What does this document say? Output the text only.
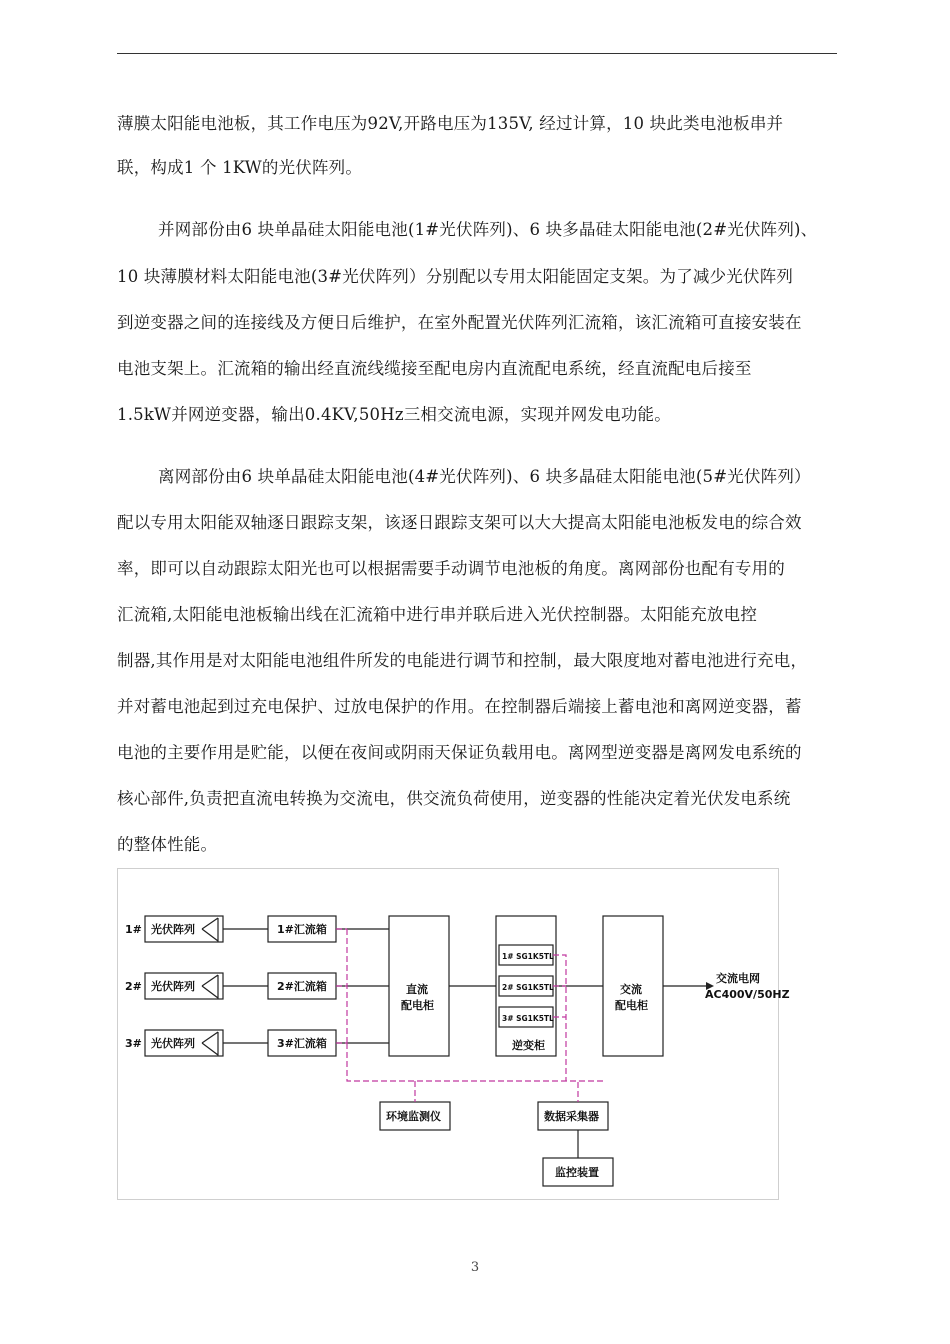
薄膜太阳能电池板，其工作电压为92V,开路电压为135V, 经过计算，10 块此类电池板串并
联，构成1 个 1KW的光伏阵列。
并网部份由6 块单晶硅太阳能电池(1#光伏阵列)、6 块多晶硅太阳能电池(2#光伏阵列)、
10 块薄膜材料太阳能电池(3#光伏阵列）分别配以专用太阳能固定支架。为了减少光伏阵列
到逆变器之间的连接线及方便日后维护，在室外配置光伏阵列汇流箱，该汇流箱可直接安装在
电池支架上。汇流箱的输出经直流线缆接至配电房内直流配电系统，经直流配电后接至
1.5kW并网逆变器，输出0.4KV,50Hz三相交流电源，实现并网发电功能。
离网部份由6 块单晶硅太阳能电池(4#光伏阵列)、6 块多晶硅太阳能电池(5#光伏阵列）
配以专用太阳能双轴逐日跟踪支架，该逐日跟踪支架可以大大提高太阳能电池板发电的综合效
率，即可以自动跟踪太阳光也可以根据需要手动调节电池板的角度。离网部份也配有专用的
汇流箱,太阳能电池板输出线在汇流箱中进行串并联后进入光伏控制器。太阳能充放电控
制器,其作用是对太阳能电池组件所发的电能进行调节和控制，最大限度地对蓄电池进行充电，
并对蓄电池起到过充电保护、过放电保护的作用。在控制器后端接上蓄电池和离网逆变器，蓄
电池的主要作用是贮能，以便在夜间或阴雨天保证负载用电。离网型逆变器是离网发电系统的
核心部件,负责把直流电转换为交流电，供交流负荷使用，逆变器的性能决定着光伏发电系统
的整体性能。
1#
2#
3#
光伏阵列
光伏阵列
光伏阵列
1#汇流箱
2#汇流箱
3#汇流箱
直流
配电柜
逆变柜
交流
配电柜
交流电网
AC400V/50HZ
环境监测仪	数据采集器
监控装置
1# SG1K5TL
2# SG1K5TL
3# SG1K5TL
3
